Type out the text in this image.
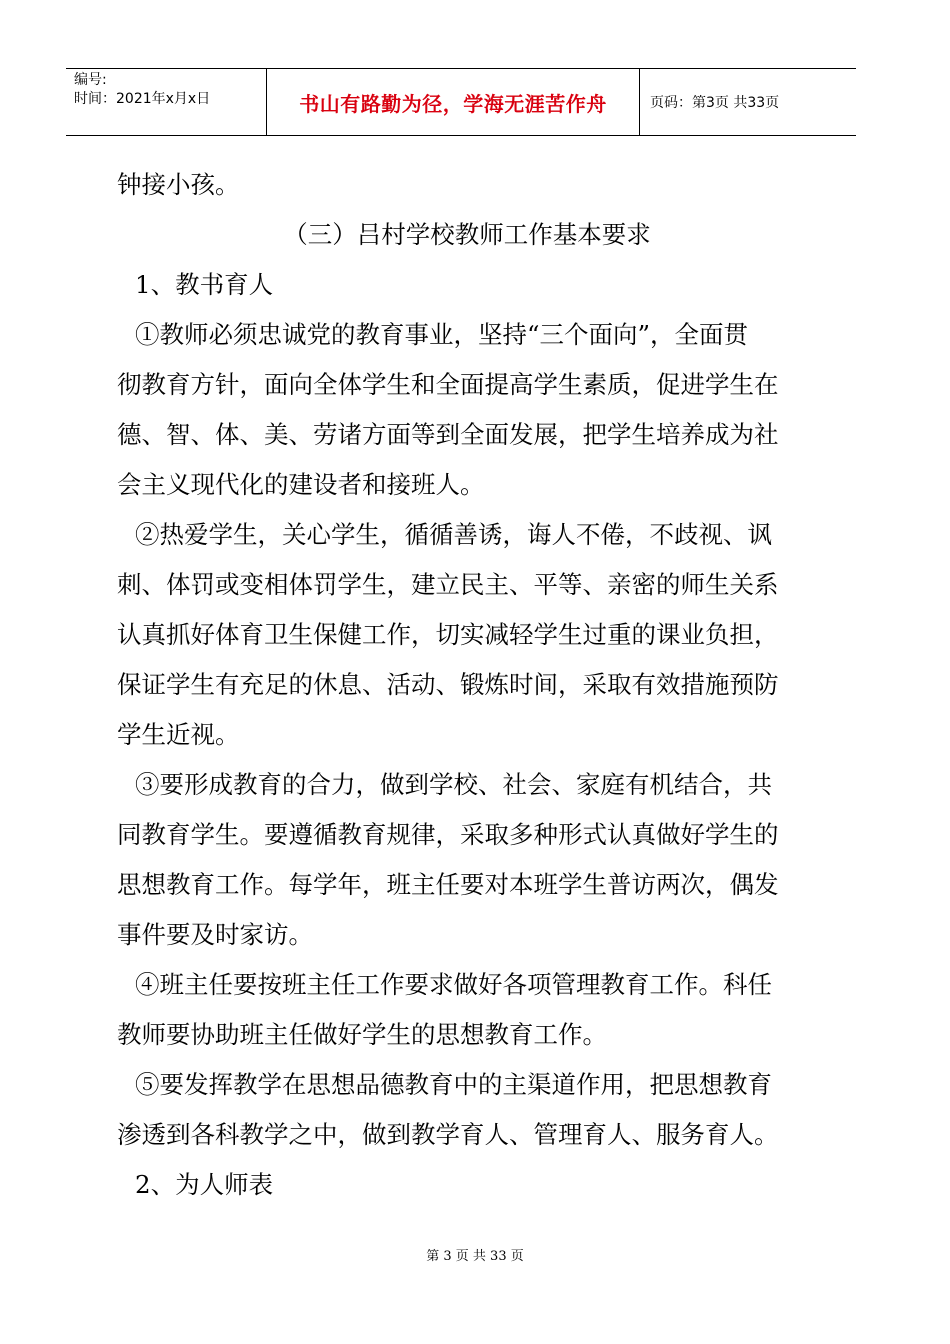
编号:
时间：2021年x月x日	书山有路勤为径，学海无涯苦作舟	页码：第3页 共33页

钟接小孩。

（三）吕村学校教师工作基本要求

1、教书育人

①教师必须忠诚党的教育事业，坚持“三个面向”，全面贯

彻教育方针，面向全体学生和全面提高学生素质，促进学生在

德、智、体、美、劳诸方面等到全面发展，把学生培养成为社

会主义现代化的建设者和接班人。

②热爱学生，关心学生，循循善诱，诲人不倦，不歧视、讽

刺、体罚或变相体罚学生，建立民主、平等、亲密的师生关系

认真抓好体育卫生保健工作，切实减轻学生过重的课业负担，

保证学生有充足的休息、活动、锻炼时间，采取有效措施预防

学生近视。

③要形成教育的合力，做到学校、社会、家庭有机结合，共

同教育学生。要遵循教育规律，采取多种形式认真做好学生的

思想教育工作。每学年，班主任要对本班学生普访两次，偶发

事件要及时家访。

④班主任要按班主任工作要求做好各项管理教育工作。科任

教师要协助班主任做好学生的思想教育工作。

⑤要发挥教学在思想品德教育中的主渠道作用，把思想教育

渗透到各科教学之中，做到教学育人、管理育人、服务育人。

2、为人师表

第 3 页 共 33 页
